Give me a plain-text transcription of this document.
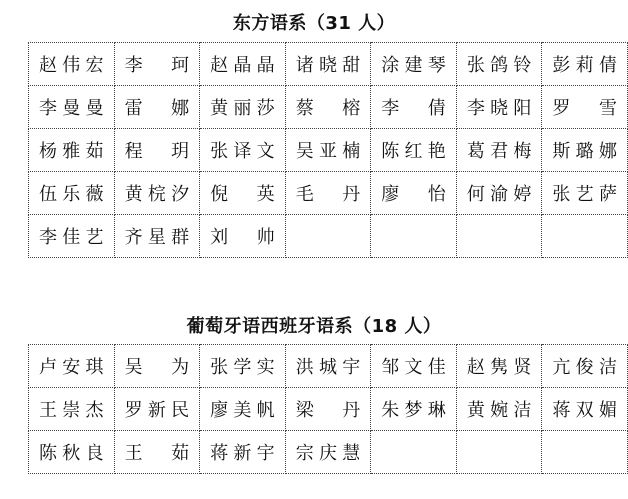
东方语系（31 人）
赵伟宏	李　珂	赵晶晶	诸晓甜	涂建琴	张鸽铃	彭莉倩
李曼曼	雷　娜	黄丽莎	蔡　榕	李　倩	李晓阳	罗　雪
杨雅茹	程　玥	张译文	吴亚楠	陈红艳	葛君梅	斯璐娜
伍乐薇	黄梡汐	倪　英	毛　丹	廖　怡	何渝婷	张艺萨
李佳艺	齐星群	刘　帅				
葡萄牙语西班牙语系（18 人）
卢安琪	吴　为	张学实	洪城宇	邹文佳	赵隽贤	亢俊洁
王崇杰	罗新民	廖美帆	梁　丹	朱梦琳	黄婉洁	蒋双媚
陈秋良	王　茹	蒋新宇	宗庆慧			
